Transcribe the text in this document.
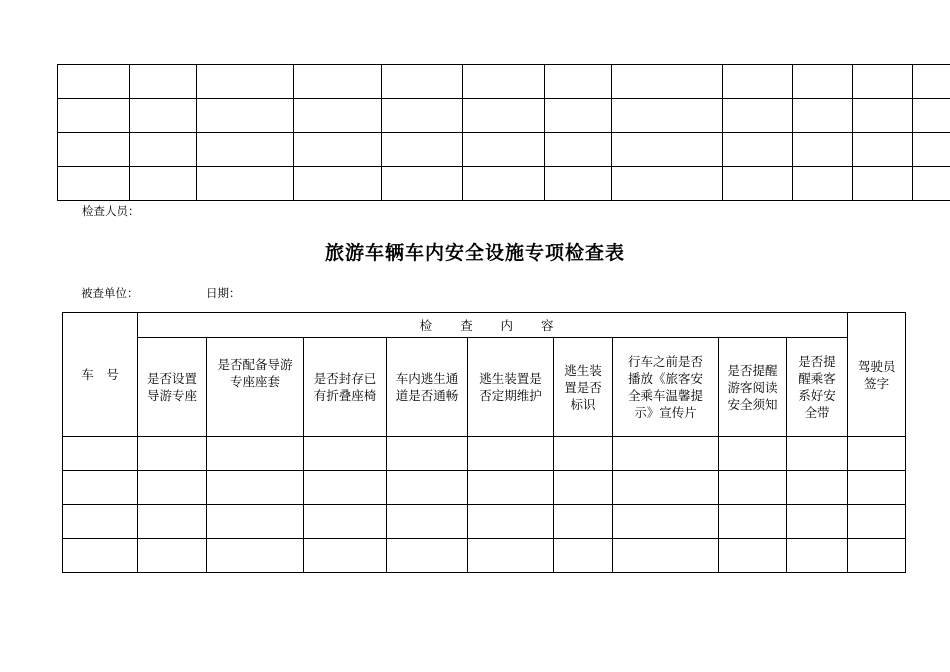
检查人员：
旅游车辆车内安全设施专项检查表
被查单位：	日期：
车　号	检 查 内 容									驾驶员签字
	是否设置导游专座	是否配备导游专座座套	是否封存已有折叠座椅	车内逃生通道是否通畅	逃生装置是否定期维护	逃生装置是否标识	行车之前是否播放《旅客安全乘车温馨提示》宣传片	是否提醒游客阅读安全须知	是否提醒乘客系好安全带	
